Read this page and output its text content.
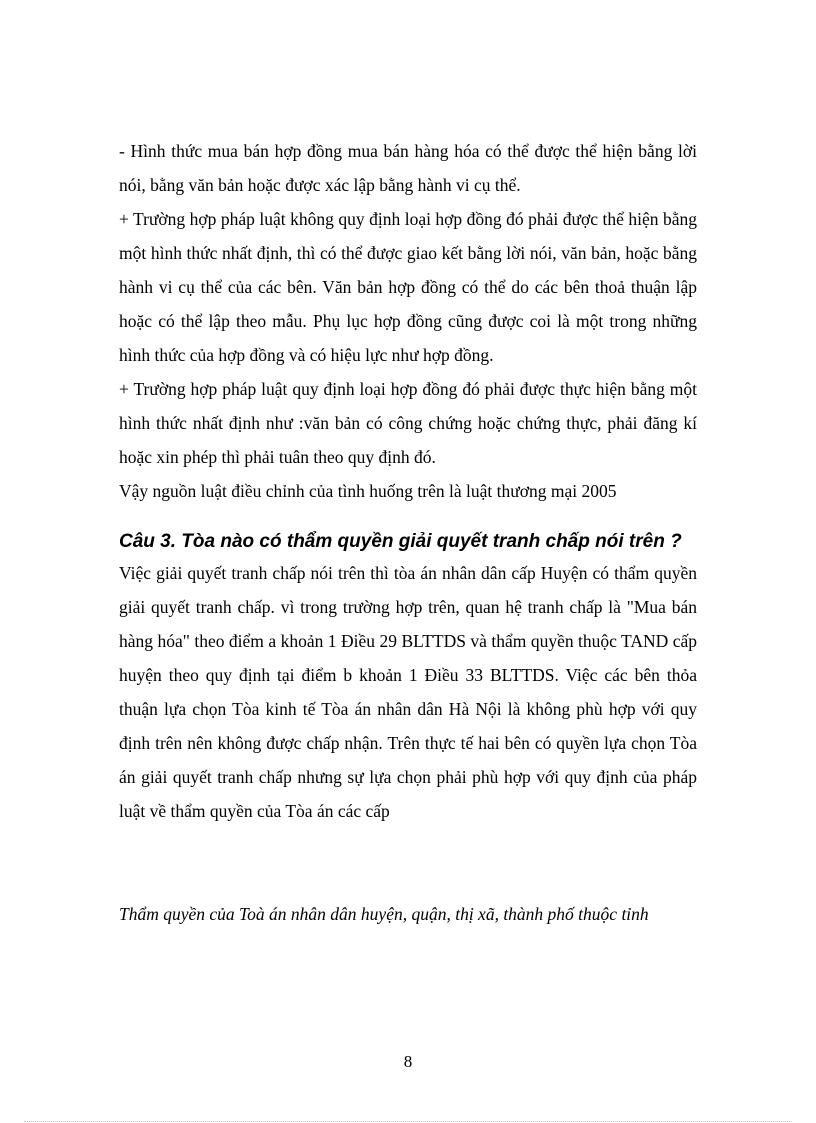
- Hình thức mua bán hợp đồng mua bán hàng hóa có thể được thể hiện bằng lời nói, bằng văn bản hoặc được xác lập bằng hành vi cụ thể.

+ Trường hợp pháp luật không quy định loại hợp đồng đó phải được thể hiện bằng một hình thức nhất định, thì có thể được giao kết bằng lời nói, văn bản, hoặc bằng hành vi cụ thể của các bên. Văn bản hợp đồng có thể do các bên thoả thuận lập hoặc có thể lập theo mẫu. Phụ lục hợp đồng cũng được coi là một trong những hình thức của hợp đồng và có hiệu lực như hợp đồng.

+ Trường hợp pháp luật quy định loại hợp đồng đó phải được thực hiện bằng một hình thức nhất định như :văn bản có công chứng hoặc chứng thực, phải đăng kí hoặc xin phép thì phải tuân theo quy định đó.

Vậy nguồn luật điều chỉnh của tình huống trên là luật thương mại 2005

Câu 3. Tòa nào có thẩm quyền giải quyết tranh chấp nói trên ?

Việc giải quyết tranh chấp nói trên thì tòa án nhân dân cấp Huyện có thẩm quyền giải quyết tranh chấp. vì trong trường hợp trên, quan hệ tranh chấp là "Mua bán hàng hóa" theo điểm a khoản 1 Điều 29 BLTTDS và thẩm quyền thuộc TAND cấp huyện theo quy định tại điểm b khoản 1 Điều 33 BLTTDS. Việc các bên thỏa thuận lựa chọn Tòa kinh tế Tòa án nhân dân Hà Nội là không phù hợp với quy định trên nên không được chấp nhận. Trên thực tế hai bên có quyền lựa chọn Tòa án giải quyết tranh chấp nhưng sự lựa chọn phải phù hợp với quy định của pháp luật về thẩm quyền của Tòa án các cấp

Thẩm quyền của Toà án nhân dân huyện, quận, thị xã, thành phố thuộc tỉnh

8
